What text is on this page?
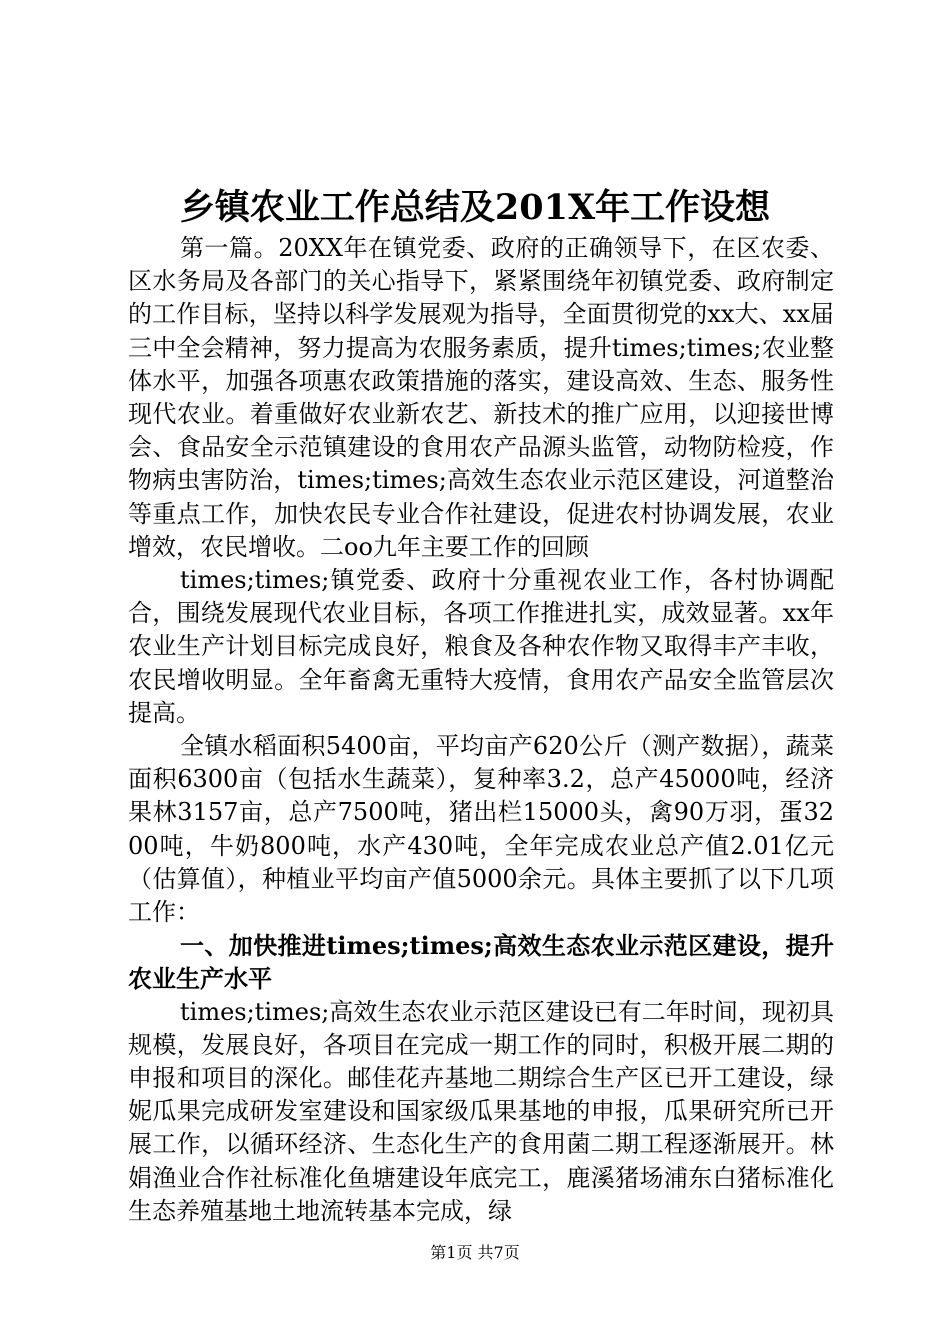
乡镇农业工作总结及201X年工作设想

第一篇。20XX年在镇党委、政府的正确领导下，在区农委、区水务局及各部门的关心指导下，紧紧围绕年初镇党委、政府制定的工作目标，坚持以科学发展观为指导，全面贯彻党的xx大、xx届三中全会精神，努力提高为农服务素质，提升times;times;农业整体水平，加强各项惠农政策措施的落实，建设高效、生态、服务性现代农业。着重做好农业新农艺、新技术的推广应用，以迎接世博会、食品安全示范镇建设的食用农产品源头监管，动物防检疫，作物病虫害防治，times;times;高效生态农业示范区建设，河道整治等重点工作，加快农民专业合作社建设，促进农村协调发展，农业增效，农民增收。二oo九年主要工作的回顾

times;times;镇党委、政府十分重视农业工作，各村协调配合，围绕发展现代农业目标，各项工作推进扎实，成效显著。xx年农业生产计划目标完成良好，粮食及各种农作物又取得丰产丰收，农民增收明显。全年畜禽无重特大疫情，食用农产品安全监管层次提高。

全镇水稻面积5400亩，平均亩产620公斤（测产数据），蔬菜面积6300亩（包括水生蔬菜），复种率3.2，总产45000吨，经济果林3157亩，总产7500吨，猪出栏15000头，禽90万羽，蛋3200吨，牛奶800吨，水产430吨，全年完成农业总产值2.01亿元（估算值），种植业平均亩产值5000余元。具体主要抓了以下几项工作：

一、加快推进times;times;高效生态农业示范区建设，提升农业生产水平

times;times;高效生态农业示范区建设已有二年时间，现初具规模，发展良好，各项目在完成一期工作的同时，积极开展二期的申报和项目的深化。邮佳花卉基地二期综合生产区已开工建设，绿妮瓜果完成研发室建设和国家级瓜果基地的申报，瓜果研究所已开展工作，以循环经济、生态化生产的食用菌二期工程逐渐展开。林娟渔业合作社标准化鱼塘建设年底完工，鹿溪猪场浦东白猪标准化生态养殖基地土地流转基本完成，绿

第1页 共7页
